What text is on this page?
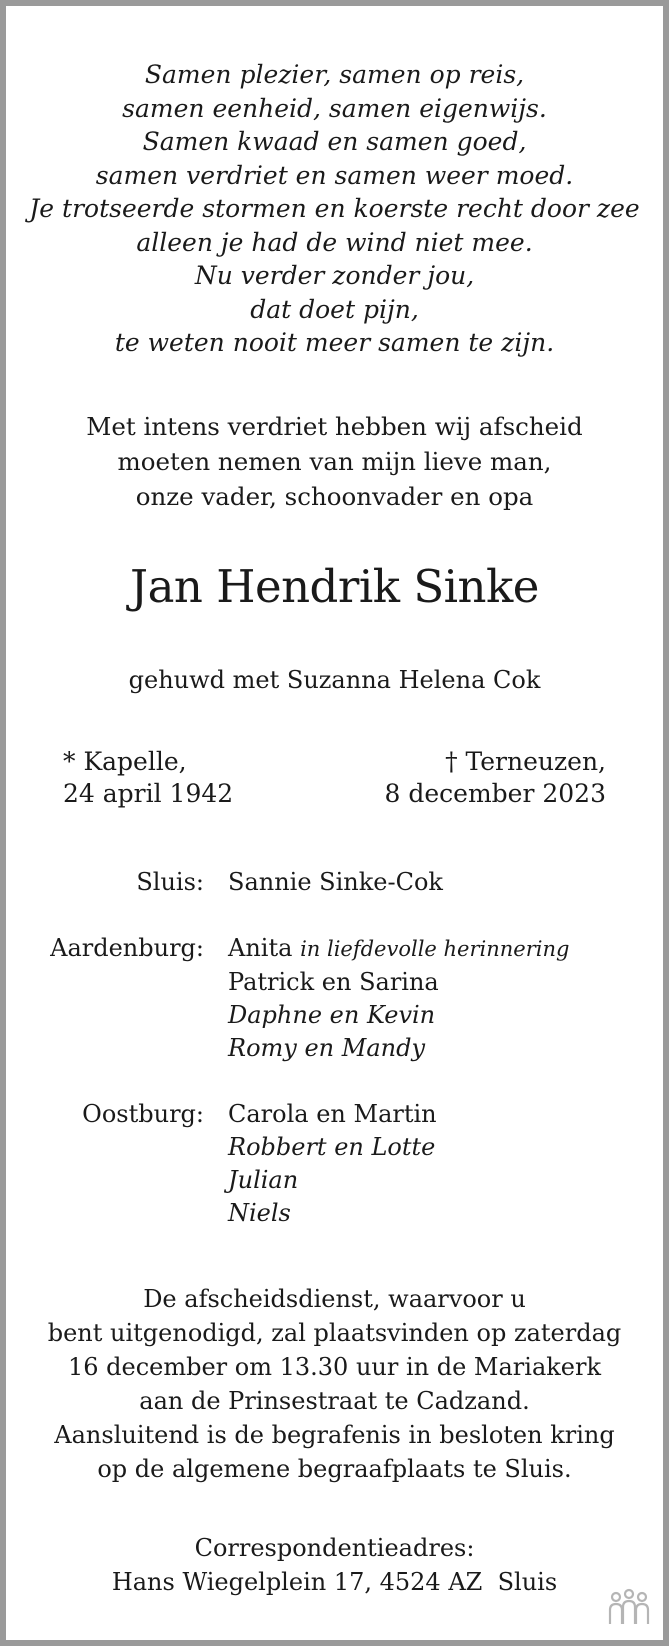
Samen plezier, samen op reis,
samen eenheid, samen eigenwijs.
Samen kwaad en samen goed,
samen verdriet en samen weer moed.
Je trotseerde stormen en koerste recht door zee
alleen je had de wind niet mee.
Nu verder zonder jou,
dat doet pijn,
te weten nooit meer samen te zijn.
Met intens verdriet hebben wij afscheid
moeten nemen van mijn lieve man,
onze vader, schoonvader en opa
Jan Hendrik Sinke
gehuwd met Suzanna Helena Cok
* Kapelle,
24 april 1942
† Terneuzen,
8 december 2023
Sluis:	Sannie Sinke-Cok
Aardenburg:	Anita in liefdevolle herinnering
Patrick en Sarina
Daphne en Kevin
Romy en Mandy
Oostburg:	Carola en Martin
Robbert en Lotte
Julian
Niels
De afscheidsdienst, waarvoor u
bent uitgenodigd, zal plaatsvinden op zaterdag
16 december om 13.30 uur in de Mariakerk
aan de Prinsestraat te Cadzand.
Aansluitend is de begrafenis in besloten kring
op de algemene begraafplaats te Sluis.
Correspondentieadres:
Hans Wiegelplein 17, 4524 AZ  Sluis
